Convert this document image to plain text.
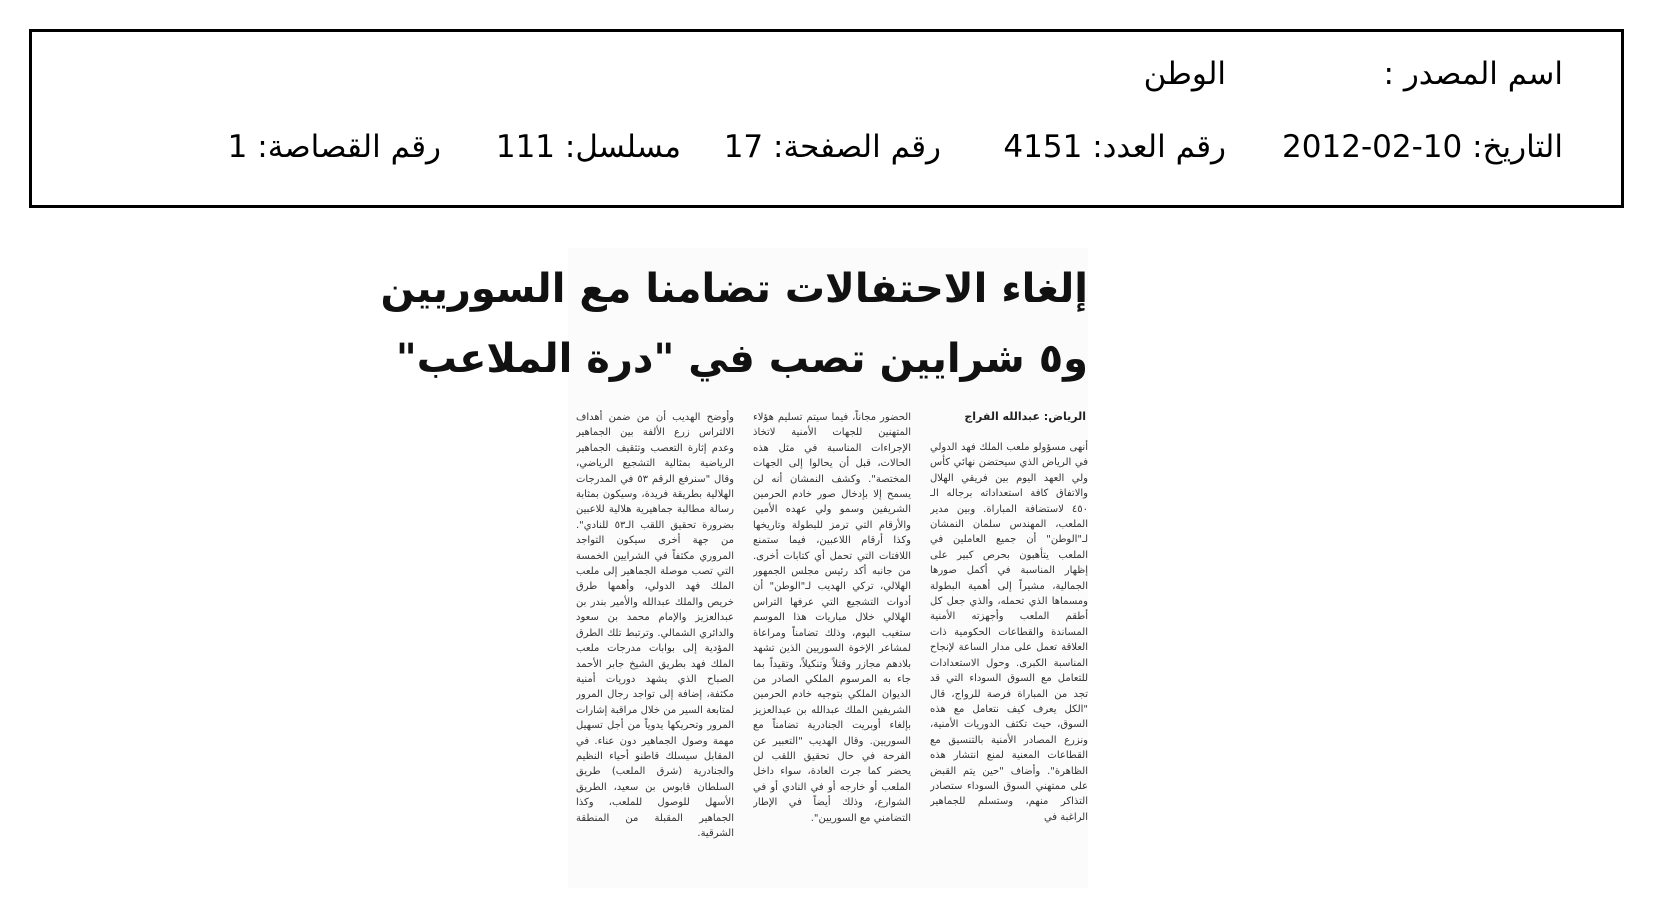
اسم المصدر :
الوطن
التاريخ: 2012-02-10
رقم العدد: 4151
رقم الصفحة: 17
مسلسل: 111
رقم القصاصة: 1
إلغاء الاحتفالات تضامنا مع السوريين
و٥ شرايين تصب في "درة الملاعب"
الرياض: عبدالله الفراج
أنهى مسؤولو ملعب الملك فهد الدولي في الرياض الذي سيحتضن نهائي كأس ولي العهد اليوم بين فريقي الهلال والاتفاق كافة استعداداته برجاله الـ ٤٥٠ لاستضافة المباراة. وبين مدير الملعب، المهندس سلمان النمشان لـ"الوطن" أن جميع العاملين في الملعب يتأهبون بحرص كبير على إظهار المناسبة في أكمل صورها الجمالية، مشيراً إلى أهمية البطولة ومسماها الذي تحمله، والذي جعل كل أطقم الملعب وأجهزته الأمنية المساندة والقطاعات الحكومية ذات العلاقة تعمل على مدار الساعة لإنجاح المناسبة الكبرى. وحول الاستعدادات للتعامل مع السوق السوداء التي قد تجد من المباراة فرصة للرواج، قال "الكل يعرف كيف نتعامل مع هذه السوق، حيث تكثف الدوريات الأمنية، ونزرع المصادر الأمنية بالتنسيق مع القطاعات المعنية لمنع انتشار هذه الظاهرة". وأضاف "حين يتم القبض على ممتهني السوق السوداء ستصادر التذاكر منهم، وستسلم للجماهير الراغبة في
الحضور مجاناً، فيما سيتم تسليم هؤلاء المتهنين للجهات الأمنية لاتخاذ الإجراءات المناسبة في مثل هذه الحالات، قبل أن يحالوا إلى الجهات المختصة". وكشف النمشان أنه لن يسمح إلا بإدخال صور خادم الحرمين الشريفين وسمو ولي عهده الأمين والأرقام التي ترمز للبطولة وتاريخها وكذا أرقام اللاعبين، فيما ستمنع اللافتات التي تحمل أي كتابات أخرى. من جانبه أكد رئيس مجلس الجمهور الهلالي، تركي الهديب لـ"الوطن" أن أدوات التشجيع التي عرفها التراس الهلالي خلال مباريات هذا الموسم ستغيب اليوم، وذلك تضامناً ومراعاة لمشاعر الإخوة السوريين الذين تشهد بلادهم مجازر وقتلاً وتنكيلاً، وتقيداً بما جاء به المرسوم الملكي الصادر من الديوان الملكي بتوجيه خادم الحرمين الشريفين الملك عبدالله بن عبدالعزيز بإلغاء أوبريت الجنادرية تضامناً مع السوريين. وقال الهديب "التعبير عن الفرحة في حال تحقيق اللقب لن يحضر كما جرت العادة، سواء داخل الملعب أو خارجه أو في النادي أو في الشوارع، وذلك أيضاً في الإطار التضامني مع السوريين".
وأوضح الهديب أن من ضمن أهداف الالتراس زرع الألفة بين الجماهير وعدم إثارة التعصب وتثقيف الجماهير الرياضية بمثالية التشجيع الرياضي، وقال "سنرفع الرقم ٥٣ في المدرجات الهلالية بطريقة فريدة، وسيكون بمثابة رسالة مطالبة جماهيرية هلالية للاعبين بضرورة تحقيق اللقب الـ٥٣ للنادي". من جهة أخرى سيكون التواجد المروري مكثفاً في الشرايين الخمسة التي تصب موصلة الجماهير إلى ملعب الملك فهد الدولي، وأهمها طرق خريص والملك عبدالله والأمير بندر بن عبدالعزيز والإمام محمد بن سعود والدائري الشمالي. وترتبط تلك الطرق المؤدية إلى بوابات مدرجات ملعب الملك فهد بطريق الشيخ جابر الأحمد الصباح الذي يشهد دوريات أمنية مكثفة، إضافة إلى تواجد رجال المرور لمتابعة السير من خلال مراقبة إشارات المرور وتحريكها يدوياً من أجل تسهيل مهمة وصول الجماهير دون عناء. في المقابل سيسلك قاطنو أحياء النظيم والجنادرية (شرق الملعب) طريق السلطان قابوس بن سعيد، الطريق الأسهل للوصول للملعب، وكذا الجماهير المقبلة من المنطقة الشرقية.
